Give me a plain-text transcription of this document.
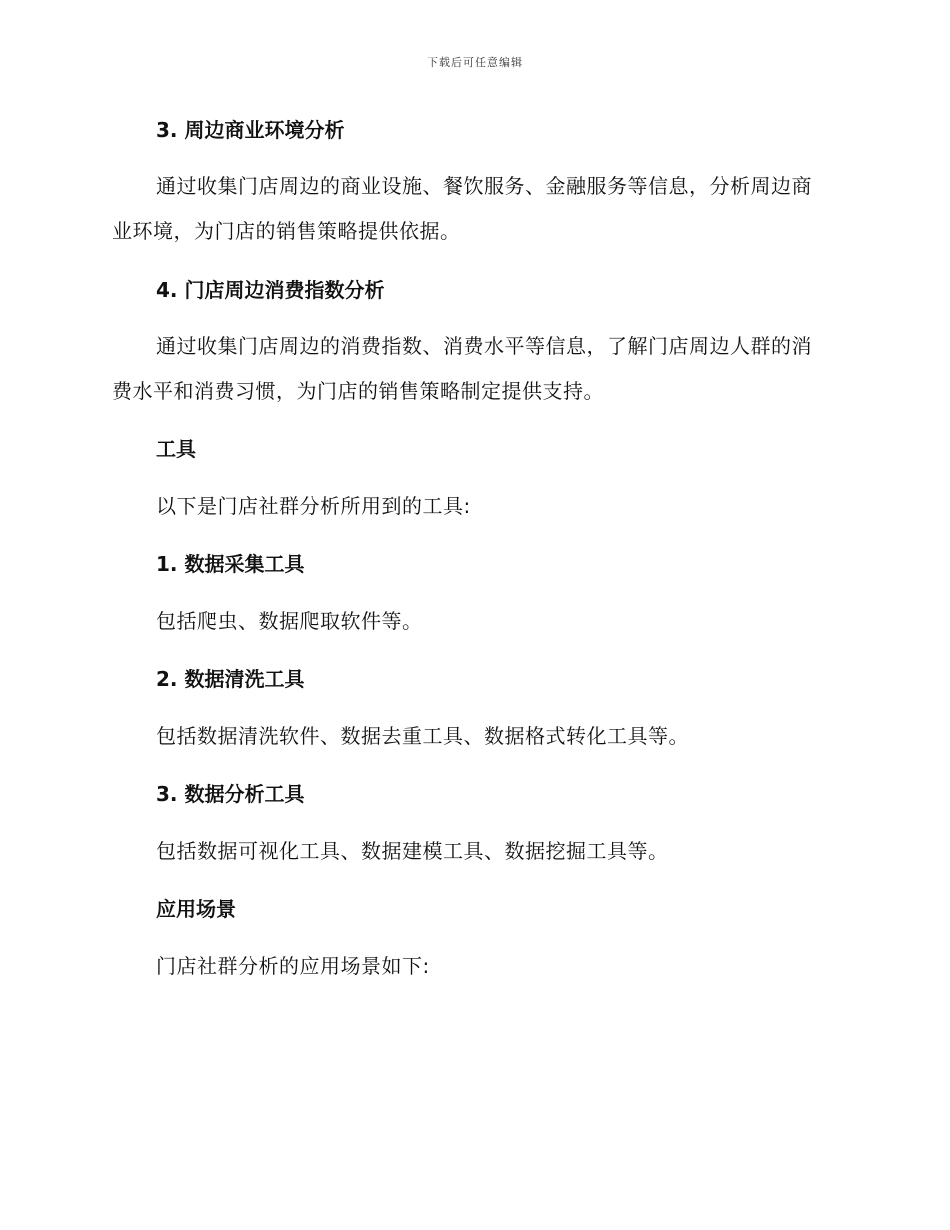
下载后可任意编辑

3. 周边商业环境分析

通过收集门店周边的商业设施、餐饮服务、金融服务等信息，分析周边商业环境，为门店的销售策略提供依据。

4. 门店周边消费指数分析

通过收集门店周边的消费指数、消费水平等信息，了解门店周边人群的消费水平和消费习惯，为门店的销售策略制定提供支持。

工具

以下是门店社群分析所用到的工具:

1. 数据采集工具

包括爬虫、数据爬取软件等。

2. 数据清洗工具

包括数据清洗软件、数据去重工具、数据格式转化工具等。

3. 数据分析工具

包括数据可视化工具、数据建模工具、数据挖掘工具等。

应用场景

门店社群分析的应用场景如下:
